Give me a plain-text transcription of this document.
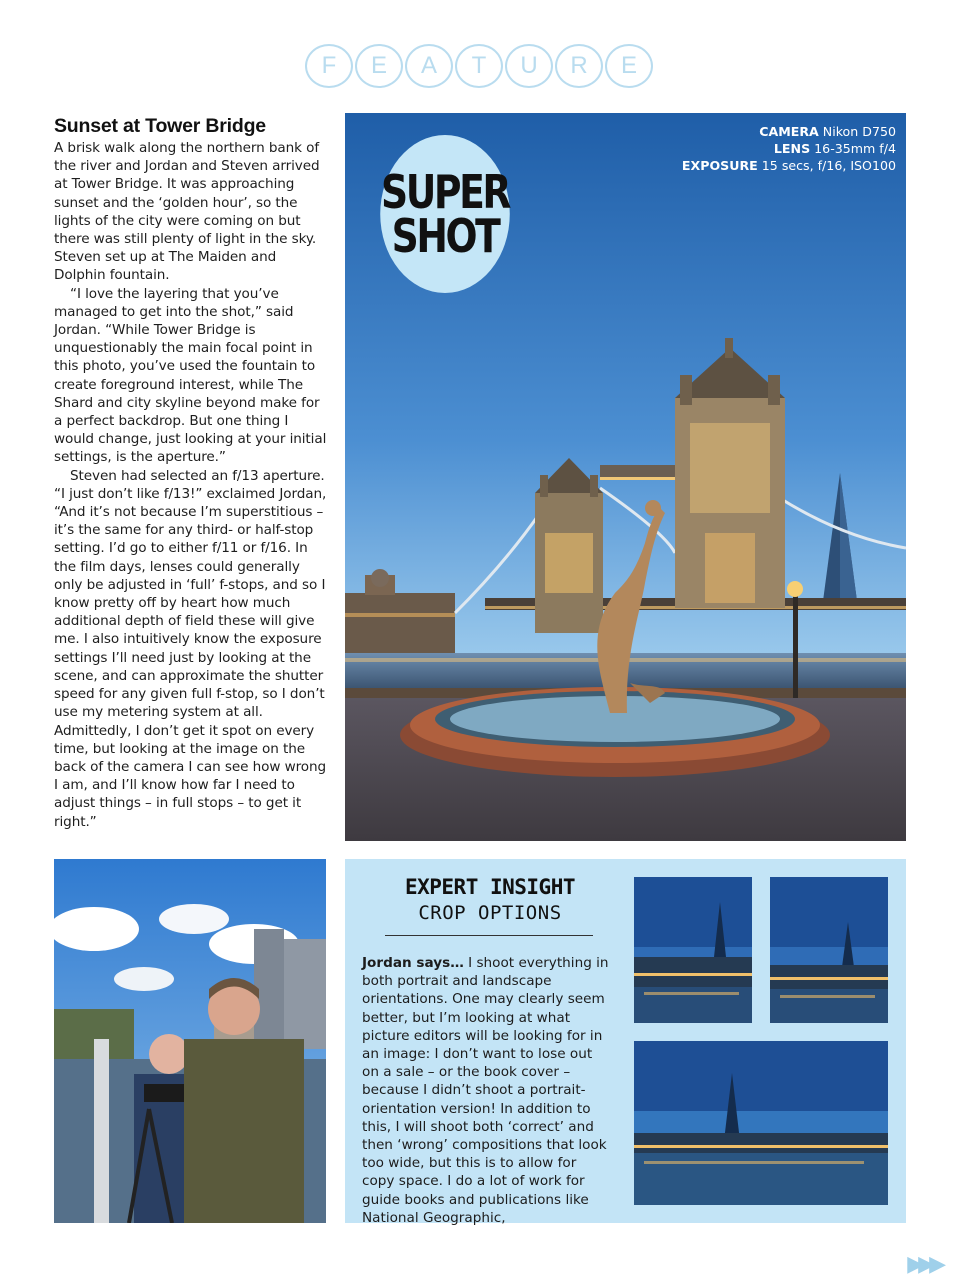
F	E	A	T	U	R	E
Sunset at Tower Bridge

A brisk walk along the northern bank of the river and Jordan and Steven arrived at Tower Bridge. It was approaching sunset and the ‘golden hour’, so the lights of the city were coming on but there was still plenty of light in the sky. Steven set up at The Maiden and Dolphin fountain.

“I love the layering that you’ve managed to get into the shot,” said Jordan. “While Tower Bridge is unquestionably the main focal point in this photo, you’ve used the fountain to create foreground interest, while The Shard and city skyline beyond make for a perfect backdrop. But one thing I would change, just looking at your initial settings, is the aperture.”

Steven had selected an f/13 aperture. “I just don’t like f/13!” exclaimed Jordan, “And it’s not because I’m superstitious – it’s the same for any third- or half-stop setting. I’d go to either f/11 or f/16. In the film days, lenses could generally only be adjusted in ‘full’ f-stops, and so I know pretty off by heart how much additional depth of field these will give me. I also intuitively know the exposure settings I’ll need just by looking at the scene, and can approximate the shutter speed for any given full f-stop, so I don’t use my metering system at all. Admittedly, I don’t get it spot on every time, but looking at the image on the back of the camera I can see how wrong I am, and I’ll know how far I need to adjust things – in full stops – to get it right.”

CAMERA Nikon D750
LENS 16-35mm f/4
EXPOSURE 15 secs, f/16, ISO100
SUPER
SHOT
EXPERT INSIGHT
CROP OPTIONS
Jordan says… I shoot everything in both portrait and landscape orientations. One may clearly seem better, but I’m looking at what picture editors will be looking for in an image: I don’t want to lose out on a sale – or the book cover – because I didn’t shoot a portrait-orientation version! In addition to this, I will shoot both ‘correct’ and then ‘wrong’ compositions that look too wide, but this is to allow for copy space. I do a lot of work for guide books and publications like National Geographic,
▶▶▶
